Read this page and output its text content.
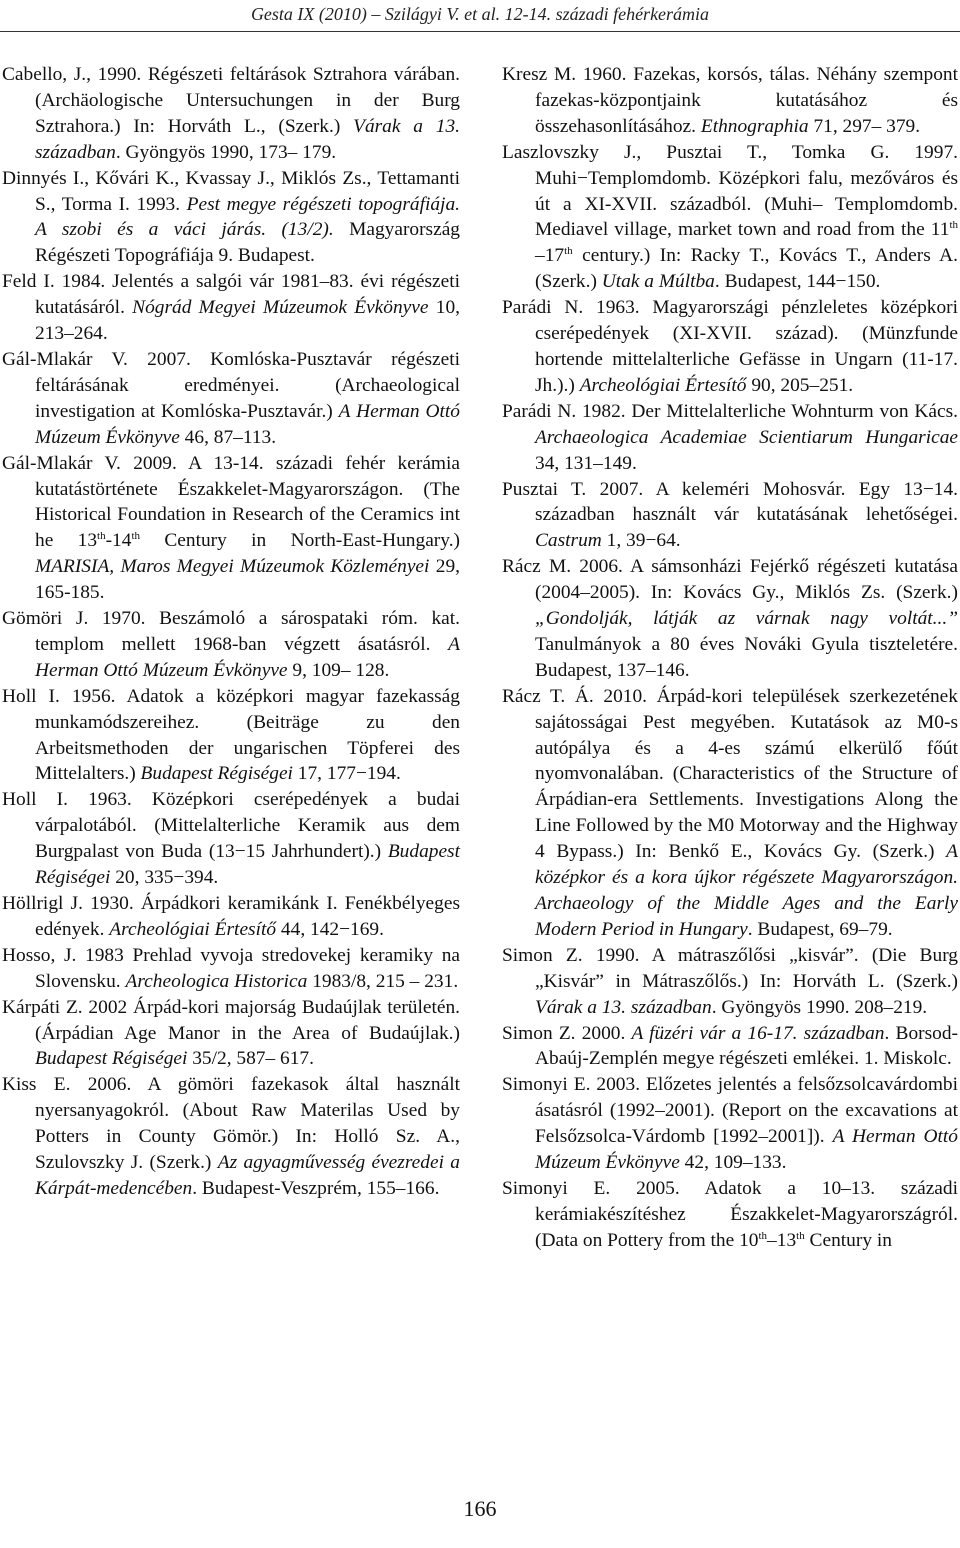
Gesta IX (2010) – Szilágyi V. et al. 12-14. századi fehérkerámia

Cabello, J., 1990. Régészeti feltárások Sztrahora várában. (Archäologische Untersuchungen in der Burg Sztrahora.) In: Horváth L., (Szerk.) Várak a 13. században. Gyöngyös 1990, 173– 179.

Dinnyés I., Kővári K., Kvassay J., Miklós Zs., Tettamanti S., Torma I. 1993. Pest megye régészeti topográfiája. A szobi és a váci járás. (13/2). Magyarország Régészeti Topográfiája 9. Budapest.

Feld I. 1984. Jelentés a salgói vár 1981–83. évi régészeti kutatásáról. Nógrád Megyei Múzeumok Évkönyve 10, 213–264.

Gál-Mlakár V. 2007. Komlóska-Pusztavár régészeti feltárásának eredményei. (Archaeological investigation at Komlóska-Pusztavár.) A Herman Ottó Múzeum Évkönyve 46, 87–113.

Gál-Mlakár V. 2009. A 13-14. századi fehér kerámia kutatástörténete Északkelet-Magyarországon. (The Historical Foundation in Research of the Ceramics int he 13th-14th Century in North-East-Hungary.) MARISIA, Maros Megyei Múzeumok Közleményei 29, 165-185.

Gömöri J. 1970. Beszámoló a sárospataki róm. kat. templom mellett 1968-ban végzett ásatásról. A Herman Ottó Múzeum Évkönyve 9, 109– 128.

Holl I. 1956. Adatok a középkori magyar fazekasság munkamódszereihez. (Beiträge zu den Arbeitsmethoden der ungarischen Töpferei des Mittelalters.) Budapest Régiségei 17, 177−194.

Holl I. 1963. Középkori cserépedények a budai várpalotából. (Mittelalterliche Keramik aus dem Burgpalast von Buda (13−15 Jahrhundert).) Budapest Régiségei 20, 335−394.

Höllrigl J. 1930. Árpádkori keramikánk I. Fenékbélyeges edények. Archeológiai Értesítő 44, 142−169.

Hosso, J. 1983 Prehlad vyvoja stredovekej keramiky na Slovensku. Archeologica Historica 1983/8, 215 – 231.

Kárpáti Z. 2002 Árpád-kori majorság Budaújlak területén. (Árpádian Age Manor in the Area of Budaújlak.) Budapest Régiségei 35/2, 587– 617.

Kiss E. 2006. A gömöri fazekasok által használt nyersanyagokról. (About Raw Materilas Used by Potters in County Gömör.) In: Holló Sz. A., Szulovszky J. (Szerk.) Az agyagművesség évezredei a Kárpát-medencében. Budapest-Veszprém, 155–166.

Kresz M. 1960. Fazekas, korsós, tálas. Néhány szempont fazekas-központjaink kutatásához és összehasonlításához. Ethnographia 71, 297– 379.

Laszlovszky J., Pusztai T., Tomka G. 1997. Muhi−Templomdomb. Középkori falu, mezőváros és út a XI-XVII. századból. (Muhi– Templomdomb. Mediavel village, market town and road from the 11th –17th century.) In: Racky T., Kovács T., Anders A. (Szerk.) Utak a Múltba. Budapest, 144−150.

Parádi N. 1963. Magyarországi pénzleletes középkori cserépedények (XI-XVII. század). (Münzfunde hortende mittelalterliche Gefässe in Ungarn (11-17. Jh.).) Archeológiai Értesítő 90, 205–251.

Parádi N. 1982. Der Mittelalterliche Wohnturm von Kács. Archaeologica Academiae Scientiarum Hungaricae 34, 131–149.

Pusztai T. 2007. A keleméri Mohosvár. Egy 13−14. században használt vár kutatásának lehetőségei. Castrum 1, 39−64.

Rácz M. 2006. A sámsonházi Fejérkő régészeti kutatása (2004–2005). In: Kovács Gy., Miklós Zs. (Szerk.) „Gondolják, látják az várnak nagy voltát...” Tanulmányok a 80 éves Nováki Gyula tiszteletére. Budapest, 137–146.

Rácz T. Á. 2010. Árpád-kori települések szerkezetének sajátosságai Pest megyében. Kutatások az M0-s autópálya és a 4-es számú elkerülő főút nyomvonalában. (Characteristics of the Structure of Árpádian-era Settlements. Investigations Along the Line Followed by the M0 Motorway and the Highway 4 Bypass.) In: Benkő E., Kovács Gy. (Szerk.) A középkor és a kora újkor régészete Magyarországon. Archaeology of the Middle Ages and the Early Modern Period in Hungary. Budapest, 69–79.

Simon Z. 1990. A mátraszőlősi „kisvár”. (Die Burg „Kisvár” in Mátraszőlős.) In: Horváth L. (Szerk.) Várak a 13. században. Gyöngyös 1990. 208–219.

Simon Z. 2000. A füzéri vár a 16-17. században. Borsod-Abaúj-Zemplén megye régészeti emlékei. 1. Miskolc.

Simonyi E. 2003. Előzetes jelentés a felsőzsolcavárdombi ásatásról (1992–2001). (Report on the excavations at Felsőzsolca-Várdomb [1992–2001]). A Herman Ottó Múzeum Évkönyve 42, 109–133.

Simonyi E. 2005. Adatok a 10–13. századi kerámiakészítéshez Északkelet-Magyarországról. (Data on Pottery from the 10th–13th Century in

166
